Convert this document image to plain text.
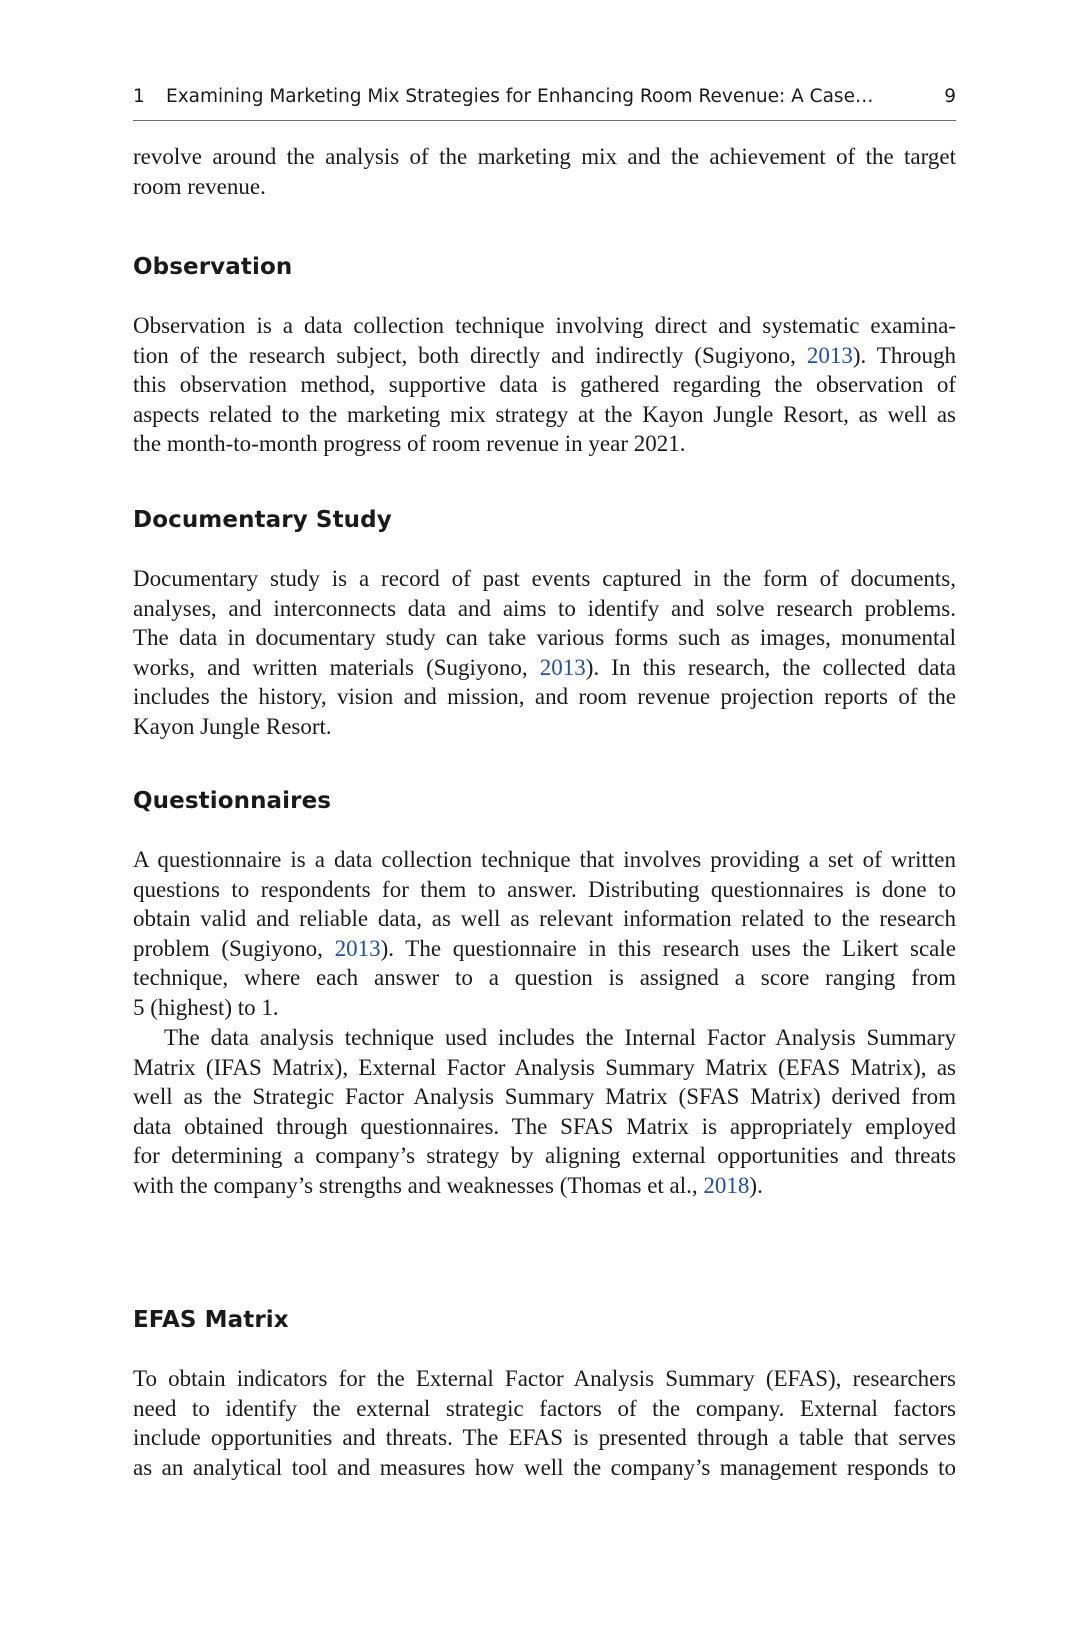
1 Examining Marketing Mix Strategies for Enhancing Room Revenue: A Case…	9

revolve around the analysis of the marketing mix and the achievement of the target
room revenue.

Observation

Observation is a data collection technique involving direct and systematic examina-
tion of the research subject, both directly and indirectly (Sugiyono, 2013). Through
this observation method, supportive data is gathered regarding the observation of
aspects related to the marketing mix strategy at the Kayon Jungle Resort, as well as
the month-to-month progress of room revenue in year 2021.

Documentary Study

Documentary study is a record of past events captured in the form of documents,
analyses, and interconnects data and aims to identify and solve research problems.
The data in documentary study can take various forms such as images, monumental
works, and written materials (Sugiyono, 2013). In this research, the collected data
includes the history, vision and mission, and room revenue projection reports of the
Kayon Jungle Resort.

Questionnaires

A questionnaire is a data collection technique that involves providing a set of written
questions to respondents for them to answer. Distributing questionnaires is done to
obtain valid and reliable data, as well as relevant information related to the research
problem (Sugiyono, 2013). The questionnaire in this research uses the Likert scale
technique, where each answer to a question is assigned a score ranging from
5 (highest) to 1.

The data analysis technique used includes the Internal Factor Analysis Summary
Matrix (IFAS Matrix), External Factor Analysis Summary Matrix (EFAS Matrix), as
well as the Strategic Factor Analysis Summary Matrix (SFAS Matrix) derived from
data obtained through questionnaires. The SFAS Matrix is appropriately employed
for determining a company’s strategy by aligning external opportunities and threats
with the company’s strengths and weaknesses (Thomas et al., 2018).

EFAS Matrix

To obtain indicators for the External Factor Analysis Summary (EFAS), researchers
need to identify the external strategic factors of the company. External factors
include opportunities and threats. The EFAS is presented through a table that serves
as an analytical tool and measures how well the company’s management responds to
